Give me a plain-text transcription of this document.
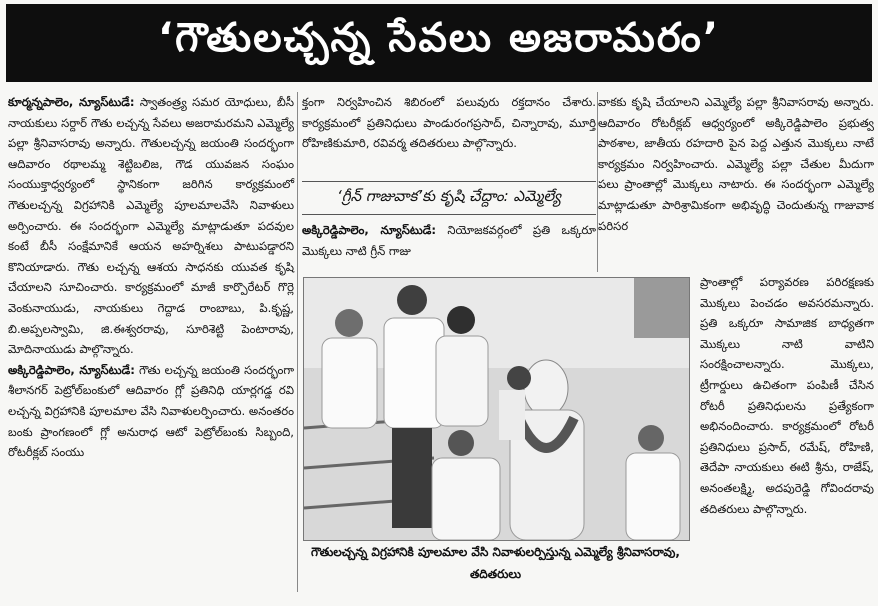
‘గౌతులచ్చన్న సేవలు అజరామరం’

కూర్మన్నపాలెం, న్యూస్‌టుడే: స్వాతంత్ర్య సమర యోధులు, బీసీ నాయకులు సర్దార్ గౌతు లచ్చన్న సేవలు అజరామరమని ఎమ్మెల్యే పల్లా శ్రీనివాసరావు అన్నారు. గౌతులచ్చన్న జయంతి సందర్భంగా ఆదివారం రథాలమ్మ శెట్టిబలిజ, గౌడ యువజన సంఘం సంయుక్తాధ్వర్యంలో స్థానికంగా జరిగిన కార్యక్రమంలో గౌతులచ్చన్న విగ్రహానికి ఎమ్మెల్యే పూలమాలవేసి నివాళులు అర్పించారు. ఈ సందర్భంగా ఎమ్మెల్యే మాట్లాడుతూ పదవుల కంటే బీసీ సంక్షేమానికే ఆయన అహర్నిశలు పాటుపడ్డారని కొనియాడారు. గౌతు లచ్చన్న ఆశయ సాధనకు యువత కృషి చేయాలని సూచించారు. కార్యక్రమంలో మాజీ కార్పొరేటర్ గొర్లె వెంకునాయుడు, నాయకులు గెద్దాడ రాంబాబు, పి.కృష్ణ, బి.అప్పలస్వామి, జి.ఈశ్వరరావు, సూరిశెట్టి పెంటారావు, మోదినాయుడు పాల్గొన్నారు.

అక్కిరెడ్డిపాలెం, న్యూస్‌టుడే: గౌతు లచ్చన్న జయంతి సందర్భంగా శీలానగర్ పెట్రోల్‌బంకులో ఆదివారం గ్లో ప్రతినిధి యార్లగడ్డ రవి లచ్చన్న విగ్రహానికి పూలమాల వేసి నివాళులర్పించారు. అనంతరం బంకు ప్రాంగణంలో గ్లో అనురాధ ఆటో పెట్రోల్‌బంకు సిబ్బంది, రోటరీక్లబ్ సంయు

క్తంగా నిర్వహించిన శిబిరంలో పలువురు రక్తదానం చేశారు. కార్యక్రమంలో ప్రతినిధులు పాండురంగప్రసాద్, చిన్నారావు, మూర్తి రోహిణికుమారి, రవివర్మ తదితరులు పాల్గొన్నారు.

‘గ్రీన్ గాజువాక’కు కృషి చేద్దాం: ఎమ్మెల్యే
అక్కిరెడ్డిపాలెం, న్యూస్‌టుడే: నియోజకవర్గంలో ప్రతి ఒక్కరూ మొక్కలు నాటి గ్రీన్ గాజు

వాకకు కృషి చేయాలని ఎమ్మెల్యే పల్లా శ్రీనివాసరావు అన్నారు. ఆదివారం రోటరీక్లబ్ ఆధ్వర్యంలో అక్కిరెడ్డిపాలెం ప్రభుత్వ పాఠశాల, జాతీయ రహదారి పైన పెద్ద ఎత్తున మొక్కలు నాటే కార్యక్రమం నిర్వహించారు. ఎమ్మెల్యే పల్లా చేతుల మీదుగా పలు ప్రాంతాల్లో మొక్కలు నాటారు. ఈ సందర్భంగా ఎమ్మెల్యే మాట్లాడుతూ పారిశ్రామికంగా అభివృద్ధి చెందుతున్న గాజువాక పరిసర

ప్రాంతాల్లో పర్యావరణ పరిరక్షణకు మొక్కలు పెంచడం అవసరమన్నారు. ప్రతి ఒక్కరూ సామాజిక బాధ్యతగా మొక్కలు నాటి వాటిని సంరక్షించాలన్నారు. మొక్కలు, ట్రీగార్డులు ఉచితంగా పంపిణీ చేసిన రోటరీ ప్రతినిధులను ప్రత్యేకంగా అభినందించారు. కార్యక్రమంలో రోటరీ ప్రతినిధులు ప్రసాద్, రమేష్, రోహిణి, తెదేపా నాయకులు ఈటి శ్రీను, రాజేష్, అనంతలక్ష్మి, అదపురెడ్డి గోవిందరావు తదితరులు పాల్గొన్నారు.
గౌతులచ్చన్న విగ్రహానికి పూలమాల వేసి నివాళులర్పిస్తున్న ఎమ్మెల్యే శ్రీనివాసరావు, తదితరులు
